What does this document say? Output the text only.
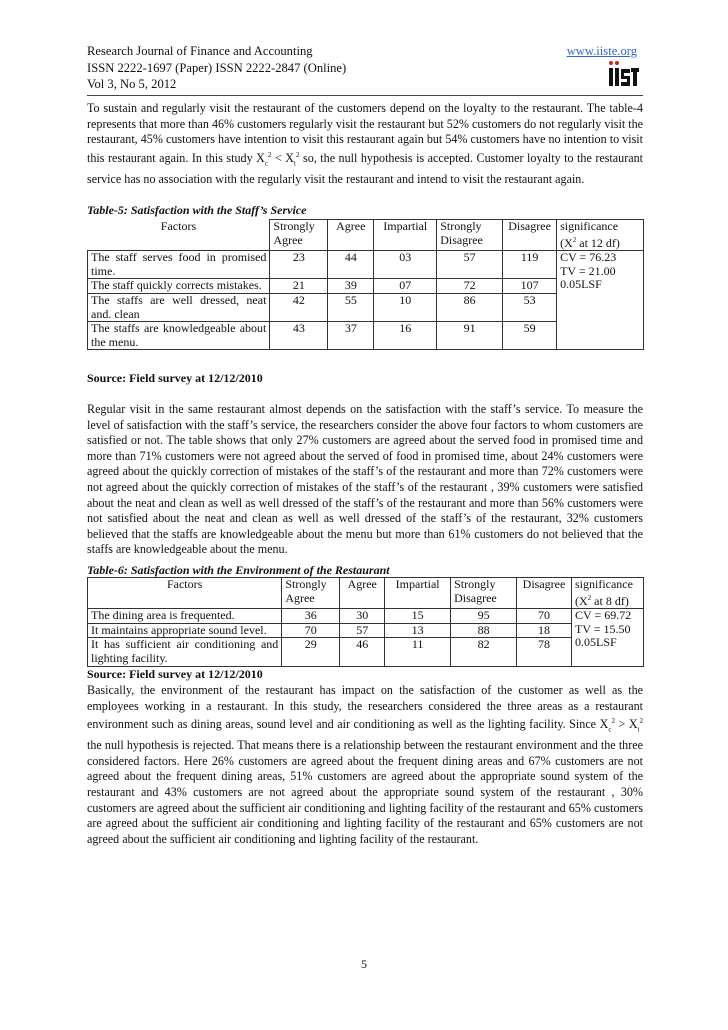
Research Journal of Finance and Accounting
ISSN 2222-1697 (Paper) ISSN 2222-2847 (Online)
Vol 3, No 5, 2012
www.iiste.org
To sustain and regularly visit the restaurant of the customers depend on the loyalty to the restaurant. The table-4 represents that more than 46% customers regularly visit the restaurant but 52% customers do not regularly visit the restaurant, 45% customers have intention to visit this restaurant again but 54% customers have no intention to visit this restaurant again. In this study $X_c^2 < X_t^2$ so, the null hypothesis is accepted. Customer loyalty to the restaurant service has no association with the regularly visit the restaurant and intend to visit the restaurant again.
Table-5: Satisfaction with the Staff’s Service
Factors	Strongly Agree	Agree	Impartial	Strongly Disagree	Disagree	significance
($X^2$ at 12 df)
The staff serves food in promised time.	23	44	03	57	119	CV = 76.23
TV = 21.00
0.05LSF
The staff quickly corrects mistakes.	21	39	07	72	107	
The staffs are well dressed, neat and. clean	42	55	10	86	53	
The staffs are knowledgeable about the menu.	43	37	16	91	59	
Source: Field survey at 12/12/2010
Regular visit in the same restaurant almost depends on the satisfaction with the staff’s service. To measure the level of satisfaction with the staff’s service, the researchers consider the above four factors to whom customers are satisfied or not. The table shows that only 27% customers are agreed about the served food in promised time and more than 71% customers were not agreed about the served of food in promised time, about 24% customers were agreed about the quickly correction of mistakes of the staff’s of the restaurant and more than 72% customers were not agreed about the quickly correction of mistakes of the staff’s of the restaurant , 39% customers were satisfied about the neat and clean as well as well dressed of the staff’s of the restaurant and more than 56% customers were not satisfied about the neat and clean as well as well dressed of the staff’s of the restaurant, 32% customers believed that the staffs are knowledgeable about the menu but more than 61% customers do not believed that the staffs are knowledgeable about the menu.
Table-6: Satisfaction with the Environment of the Restaurant
Factors	Strongly Agree	Agree	Impartial	Strongly Disagree	Disagree	significance
($X^2$ at 8 df)
The dining area is frequented.	36	30	15	95	70	CV = 69.72
TV = 15.50
0.05LSF
It maintains appropriate sound level.	70	57	13	88	18	
It has sufficient air conditioning and lighting facility.	29	46	11	82	78	
Source: Field survey at 12/12/2010
Basically, the environment of the restaurant has impact on the satisfaction of the customer as well as the employees working in a restaurant. In this study, the researchers considered the three areas as a restaurant environment such as dining areas, sound level and air conditioning as well as the lighting facility. Since $X_c^2 > X_t^2$ the null hypothesis is rejected. That means there is a relationship between the restaurant environment and the three considered factors. Here 26% customers are agreed about the frequent dining areas and 67% customers are not agreed about the frequent dining areas, 51% customers are agreed about the appropriate sound system of the restaurant and 43% customers are not agreed about the appropriate sound system of the restaurant , 30% customers are agreed about the sufficient air conditioning and lighting facility of the restaurant and 65% customers are agreed about the sufficient air conditioning and lighting facility of the restaurant and 65% customers are not agreed about the sufficient air conditioning and lighting facility of the restaurant.
5
